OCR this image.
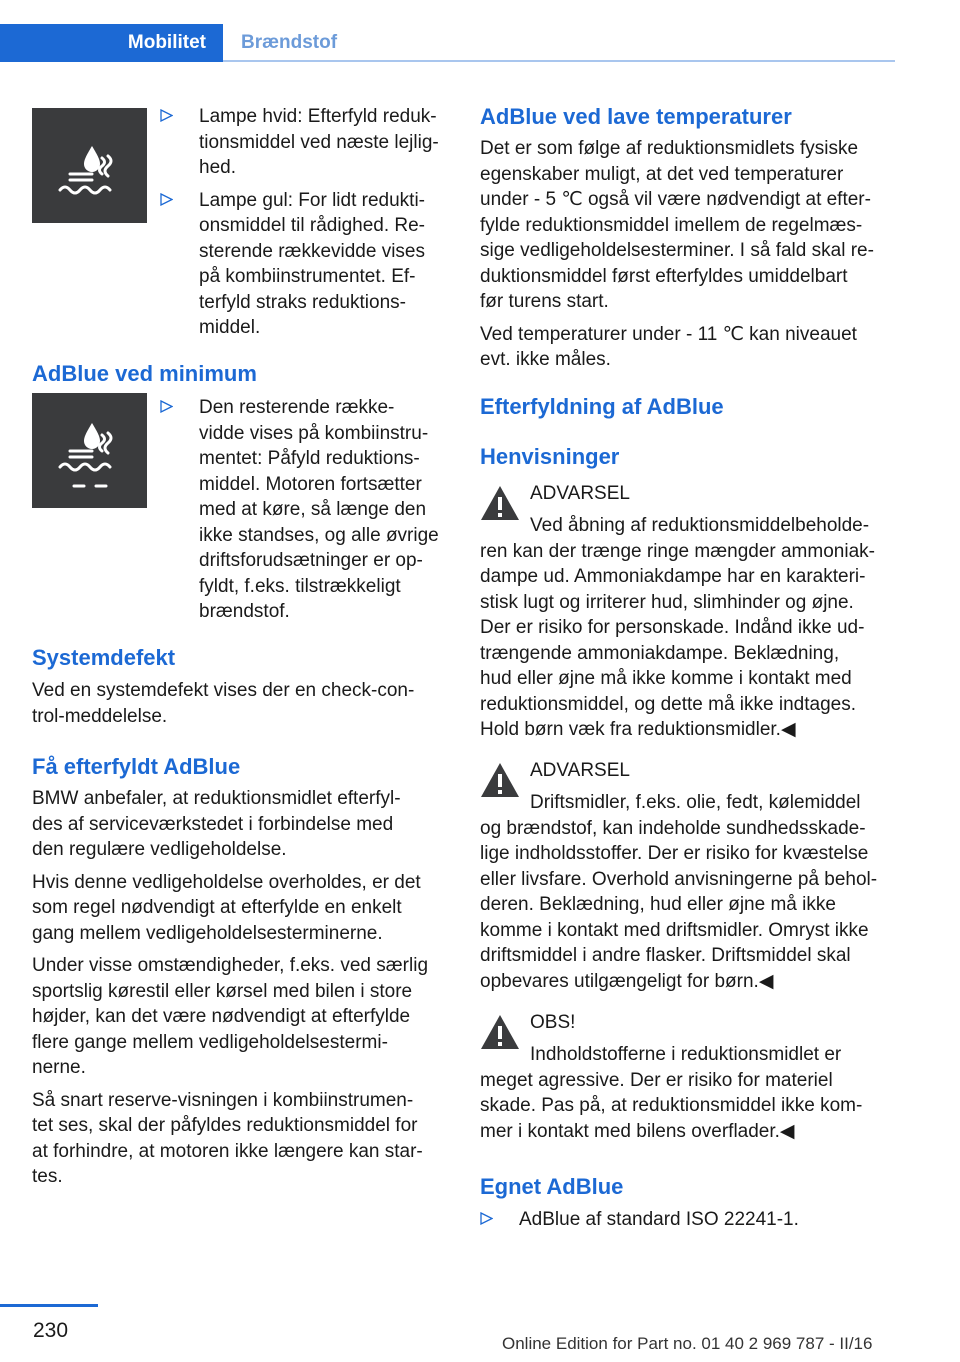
Mobilitet Brændstof
Lampe hvid: Efterfyld reduk-
tionsmiddel ved næste lejlig-
hed.
Lampe gul: For lidt redukti-
onsmiddel til rådighed. Re-
sterende rækkevidde vises
på kombiinstrumentet. Ef-
terfyld straks reduktions-
middel.
AdBlue ved minimum
Den resterende række-
vidde vises på kombiinstru-
mentet: Påfyld reduktions-
middel. Motoren fortsætter
med at køre, så længe den
ikke standses, og alle øvrige
driftsforudsætninger er op-
fyldt, f.eks. tilstrækkeligt
brændstof.
Systemdefekt
Ved en systemdefekt vises der en check-con-
trol-meddelelse.
Få efterfyldt AdBlue

BMW anbefaler, at reduktionsmidlet efterfyl-
des af serviceværkstedet i forbindelse med
den regulære vedligeholdelse.

Hvis denne vedligeholdelse overholdes, er det
som regel nødvendigt at efterfylde en enkelt
gang mellem vedligeholdelsesterminerne.

Under visse omstændigheder, f.eks. ved særlig
sportslig kørestil eller kørsel med bilen i store
højder, kan det være nødvendigt at efterfylde
flere gange mellem vedligeholdelsestermi-
nerne.

Så snart reserve-visningen i kombiinstrumen-
tet ses, skal der påfyldes reduktionsmiddel for
at forhindre, at motoren ikke længere kan star-
tes.

AdBlue ved lave temperaturer

Det er som følge af reduktionsmidlets fysiske
egenskaber muligt, at det ved temperaturer
under - 5 ℃ også vil være nødvendigt at efter-
fylde reduktionsmiddel imellem de regelmæs-
sige vedligeholdelsesterminer. I så fald skal re-
duktionsmiddel først efterfyldes umiddelbart
før turens start.

Ved temperaturer under - 11 ℃ kan niveauet
evt. ikke måles.

Efterfyldning af AdBlue
Henvisninger
ADVARSEL

Ved åbning af reduktionsmiddelbeholde-
ren kan der trænge ringe mængder ammoniak-
dampe ud. Ammoniakdampe har en karakteri-
stisk lugt og irriterer hud, slimhinder og øjne.
Der er risiko for personskade. Indånd ikke ud-
trængende ammoniakdampe. Beklædning,
hud eller øjne må ikke komme i kontakt med
reduktionsmiddel, og dette må ikke indtages.
Hold børn væk fra reduktionsmidler.◀

ADVARSEL

Driftsmidler, f.eks. olie, fedt, kølemiddel
og brændstof, kan indeholde sundhedsskade-
lige indholdsstoffer. Der er risiko for kvæstelse
eller livsfare. Overhold anvisningerne på behol-
deren. Beklædning, hud eller øjne må ikke
komme i kontakt med driftsmidler. Omryst ikke
driftsmiddel i andre flasker. Driftsmiddel skal
opbevares utilgængeligt for børn.◀

OBS!

Indholdstofferne i reduktionsmidlet er
meget agressive. Der er risiko for materiel
skade. Pas på, at reduktionsmiddel ikke kom-
mer i kontakt med bilens overflader.◀

Egnet AdBlue
AdBlue af standard ISO 22241-1.
230
Online Edition for Part no. 01 40 2 969 787 - II/16
